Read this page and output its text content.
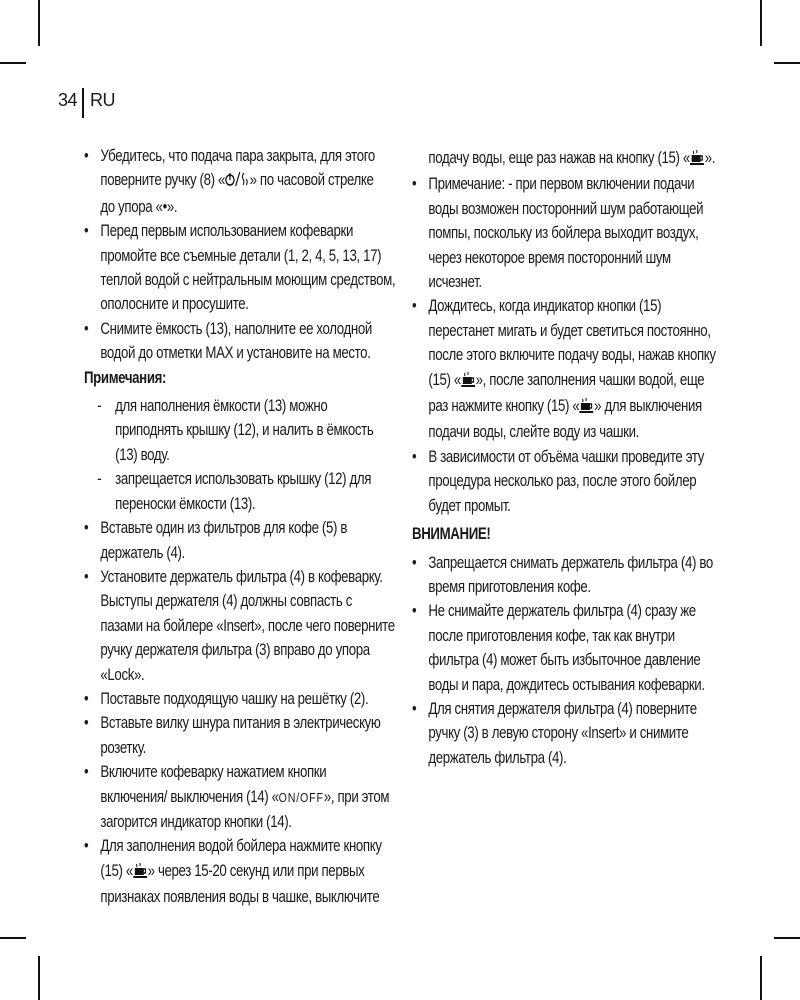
34 RU

• Убедитесь, что подача пара закрыта, для этого
поверните ручку (8) « » по часовой стрелке
до упора «•».

• Перед первым использованием кофеварки промойте все съемные детали (1, 2, 4, 5, 13, 17) теплой водой с нейтральным моющим средством, ополосните и просушите.

• Снимите ёмкость (13), наполните ее холодной водой до отметки MAX и установите на место.

Примечания:

- для наполнения ёмкости (13) можно приподнять крышку (12), и налить в ёмкость (13) воду.

- запрещается использовать крышку (12) для переноски ёмкости (13).

• Вставьте один из фильтров для кофе (5) в держатель (4).

• Установите держатель фильтра (4) в кофеварку. Выступы держателя (4) должны совпасть с пазами на бойлере «Insert», после чего поверните ручку держателя фильтра (3) вправо до упора «Lock».

• Поставьте подходящую чашку на решётку (2).

• Вставьте вилку шнура питания в электрическую розетку.

• Включите кофеварку нажатием кнопки включения/ выключения (14) «ON/OFF», при этом загорится индикатор кнопки (14).

• Для заполнения водой бойлера нажмите кнопку (15) « » через 15-20 секунд или при первых признаках появления воды в чашке, выключите

подачу воды, еще раз нажав на кнопку (15) « ».

• Примечание: - при первом включении подачи воды возможен посторонний шум работающей помпы, поскольку из бойлера выходит воздух, через некоторое время посторонний шум исчезнет.

• Дождитесь, когда индикатор кнопки (15) перестанет мигать и будет светиться постоянно, после этого включите подачу воды, нажав кнопку (15) « », после заполнения чашки водой, еще раз нажмите кнопку (15) « » для выключения подачи воды, слейте воду из чашки.

• В зависимости от объёма чашки проведите эту процедура несколько раз, после этого бойлер будет промыт.

ВНИМАНИЕ!

• Запрещается снимать держатель фильтра (4) во время приготовления кофе.

• Не снимайте держатель фильтра (4) сразу же после приготовления кофе, так как внутри фильтра (4) может быть избыточное давление воды и пара, дождитесь остывания кофеварки.

• Для снятия держателя фильтра (4) поверните ручку (3) в левую сторону «Insert» и снимите держатель фильтра (4).
